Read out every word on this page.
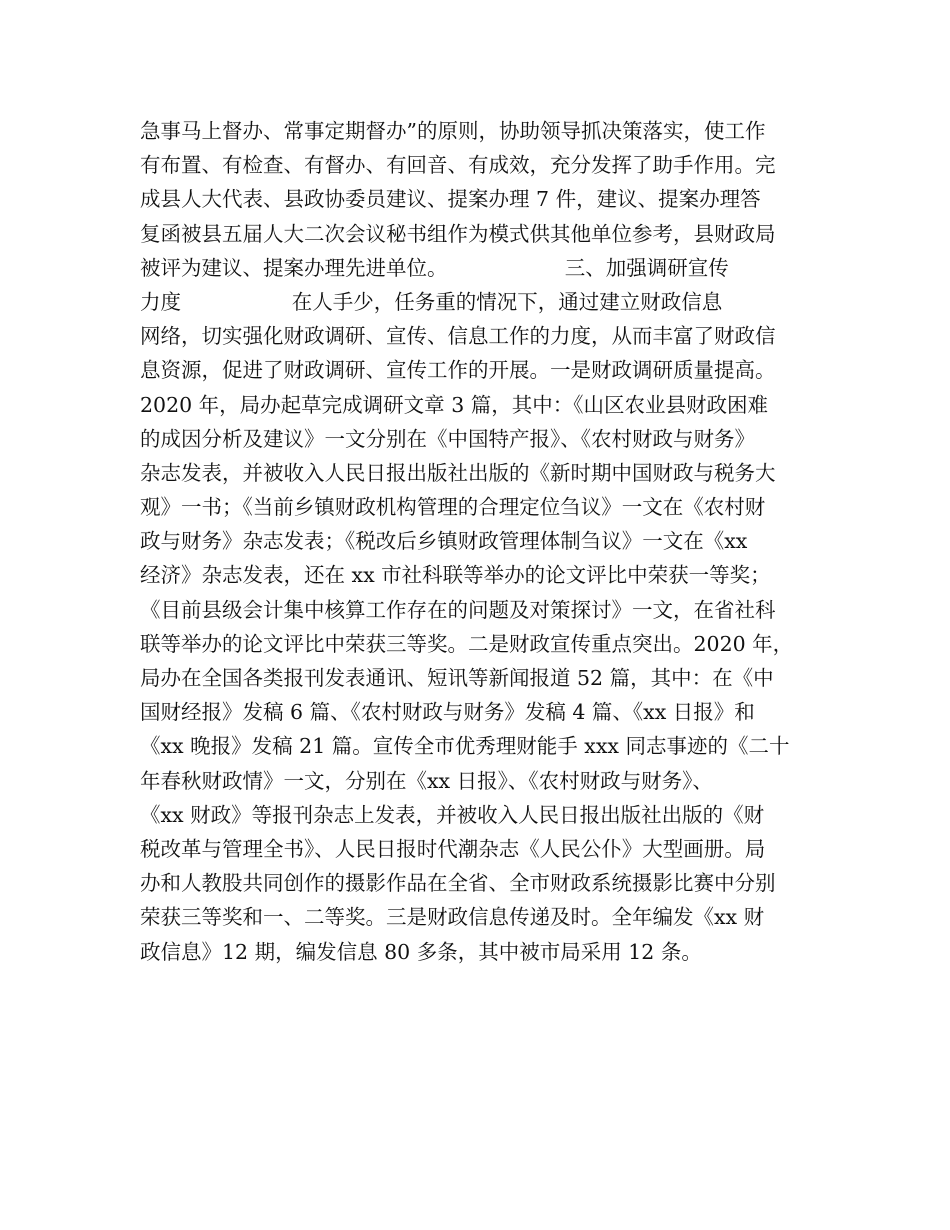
急事马上督办、常事定期督办”的原则，协助领导抓决策落实，使工作
有布置、有检查、有督办、有回音、有成效，充分发挥了助手作用。完
成县人大代表、县政协委员建议、提案办理 7 件，建议、提案办理答
复函被县五届人大二次会议秘书组作为模式供其他单位参考，县财政局
被评为建议、提案办理先进单位。                  三、加强调研宣传
力度                 在人手少，任务重的情况下，通过建立财政信息
网络，切实强化财政调研、宣传、信息工作的力度，从而丰富了财政信
息资源，促进了财政调研、宣传工作的开展。一是财政调研质量提高。
2020 年，局办起草完成调研文章 3 篇，其中：《山区农业县财政困难
的成因分析及建议》一文分别在《中国特产报》、《农村财政与财务》
杂志发表，并被收入人民日报出版社出版的《新时期中国财政与税务大
观》一书；《当前乡镇财政机构管理的合理定位刍议》一文在《农村财
政与财务》杂志发表；《税改后乡镇财政管理体制刍议》一文在《xx
经济》杂志发表，还在 xx 市社科联等举办的论文评比中荣获一等奖；
《目前县级会计集中核算工作存在的问题及对策探讨》一文，在省社科
联等举办的论文评比中荣获三等奖。二是财政宣传重点突出。2020 年，
局办在全国各类报刊发表通讯、短讯等新闻报道 52 篇，其中：在《中
国财经报》发稿 6 篇、《农村财政与财务》发稿 4 篇、《xx 日报》和
《xx 晚报》发稿 21 篇。宣传全市优秀理财能手 xxx 同志事迹的《二十
年春秋财政情》一文，分别在《xx 日报》、《农村财政与财务》、
《xx 财政》等报刊杂志上发表，并被收入人民日报出版社出版的《财
税改革与管理全书》、人民日报时代潮杂志《人民公仆》大型画册。局
办和人教股共同创作的摄影作品在全省、全市财政系统摄影比赛中分别
荣获三等奖和一、二等奖。三是财政信息传递及时。全年编发《xx 财
政信息》12 期，编发信息 80 多条，其中被市局采用 12 条。
